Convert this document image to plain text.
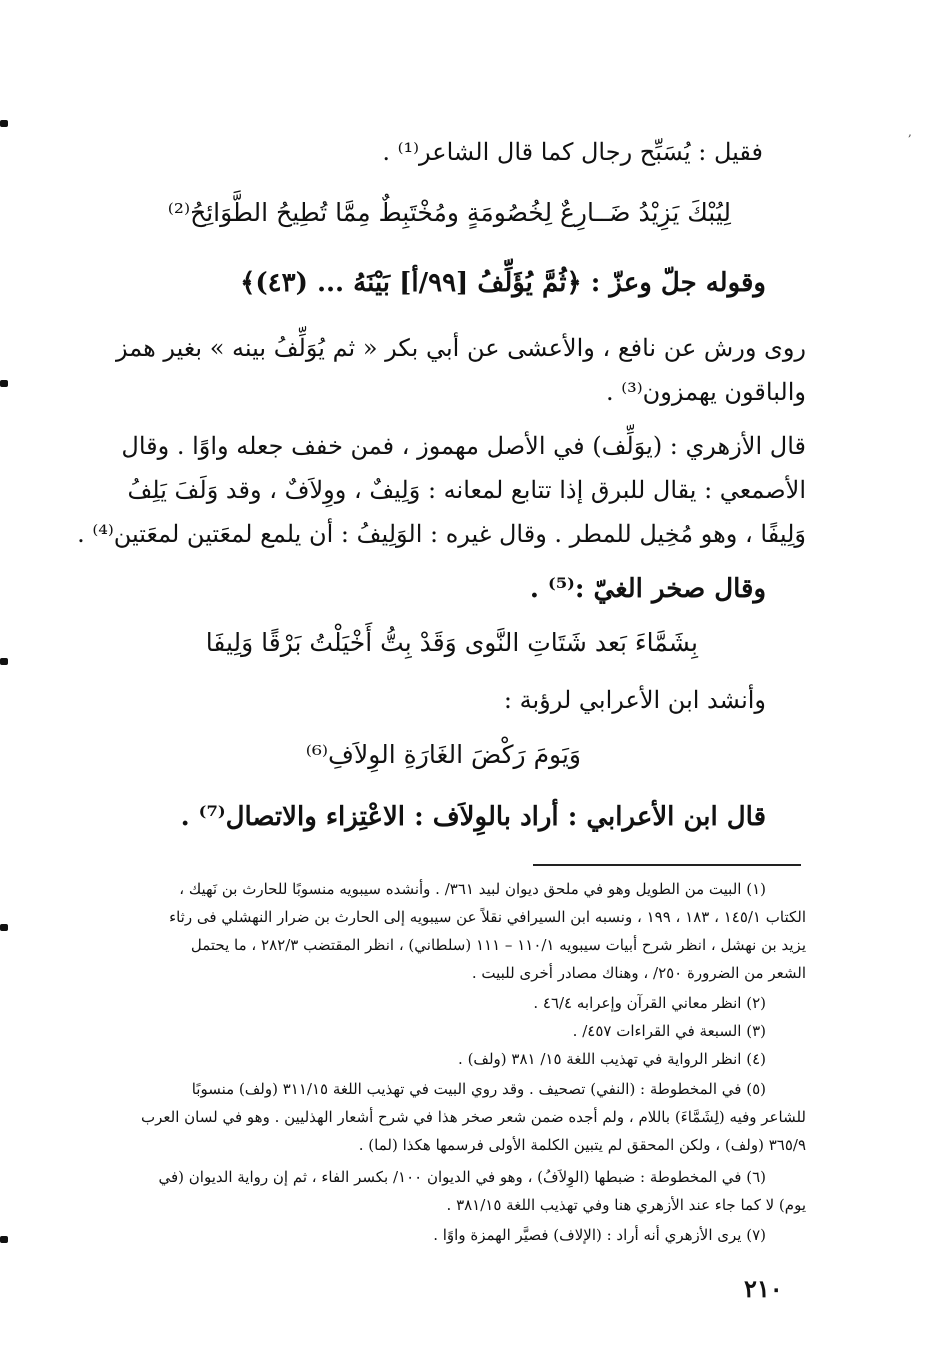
فقيل : يُسَبِّح رجال كما قال الشاعر⁽¹⁾ .

لِيُبْكَ يَزِيْدُ ضَــارِعٌ لِخُصُومَةٍ ومُخْتَبِطٌ مِمَّا تُطِيحُ الطَّوَائِحُ⁽²⁾

وقوله جلّ وعزّ : ﴿ثُمَّ يُؤَلِّفُ [٩٩/أ] بَيْنَهُ ... (٤٣)﴾

روى ورش عن نافع ، والأعشى عن أبي بكر « ثم يُوَلِّفُ بينه » بغير همز

والباقون يهمزون⁽³⁾ .

قال الأزهري : (يوَلِّف) في الأصل مهموز ، فمن خفف جعله واوًا . وقال

الأصمعي : يقال للبرق إذا تتابع لمعانه : وَلِيفٌ ، ووِلاَفٌ ، وقد وَلَفَ يَلِفُ

وَلِيفًا ، وهو مُخِيل للمطر . وقال غيره : الوَلِيفُ : أن يلمع لمعَتين لمعَتين⁽⁴⁾ .

وقال صخر الغيّ :⁽⁵⁾ .

بِشَمَّاءَ بَعد شَتَاتِ النَّوى وَقَدْ بِتُّ أَخْيَلْتُ بَرْقًا وَلِيفَا

وأنشد ابن الأعرابي لرؤبة :

وَيَومَ رَكْضَ الغَارَةِ الوِلاَفِ⁽⁶⁾

قال ابن الأعرابي : أراد بالوِلاَف : الاعْتِزاء والاتصال⁽⁷⁾ .

(١) البيت من الطويل وهو في ملحق ديوان لبيد ٣٦١/ . وأنشده سيبويه منسوبًا للحارث بن نَهيك ،

الكتاب ١٤٥/١ ، ١٨٣ ، ١٩٩ ، ونسبه ابن السيرافي نقلاً عن سيبويه إلى الحارث بن ضرار النهشلي فى رثاء

يزيد بن نهشل ، انظر شرح أبيات سيبويه ١١٠/١ – ١١١ (سلطاني) ، انظر المقتضب ٢٨٢/٣ ، ما يحتمل

الشعر من الضرورة ٢٥٠/ ، وهناك مصادر أخرى للبيت .

(٢) انظر معاني القرآن وإعرابه ٤٦/٤ .

(٣) السبعة في القراءات ٤٥٧/ .

(٤) انظر الرواية في تهذيب اللغة ١٥/ ٣٨١ (ولف) .

(٥) في المخطوطة : (النفي) تصحيف . وقد روي البيت في تهذيب اللغة ٣١١/١٥ (ولف) منسوبًا

للشاعر وفيه (لِشَمَّاءَ) باللام ، ولم أجده ضمن شعر صخر هذا في شرح أشعار الهذليين . وهو في لسان العرب

٣٦٥/٩ (ولف) ، ولكن المحقق لم يتبين الكلمة الأولى فرسمها هكذا (لما) .

(٦) في المخطوطة : ضبطها (الوِلاَفُ) ، وهو في الديوان ١٠٠/ بكسر الفاء ، ثم إن رواية الديوان (في

يوم) لا كما جاء عند الأزهري هنا وفي تهذيب اللغة ٣٨١/١٥ .

(٧) يرى الأزهري أنه أراد : (الإلاف) فصيَّر الهمزة واوًا .

٢١٠
,
